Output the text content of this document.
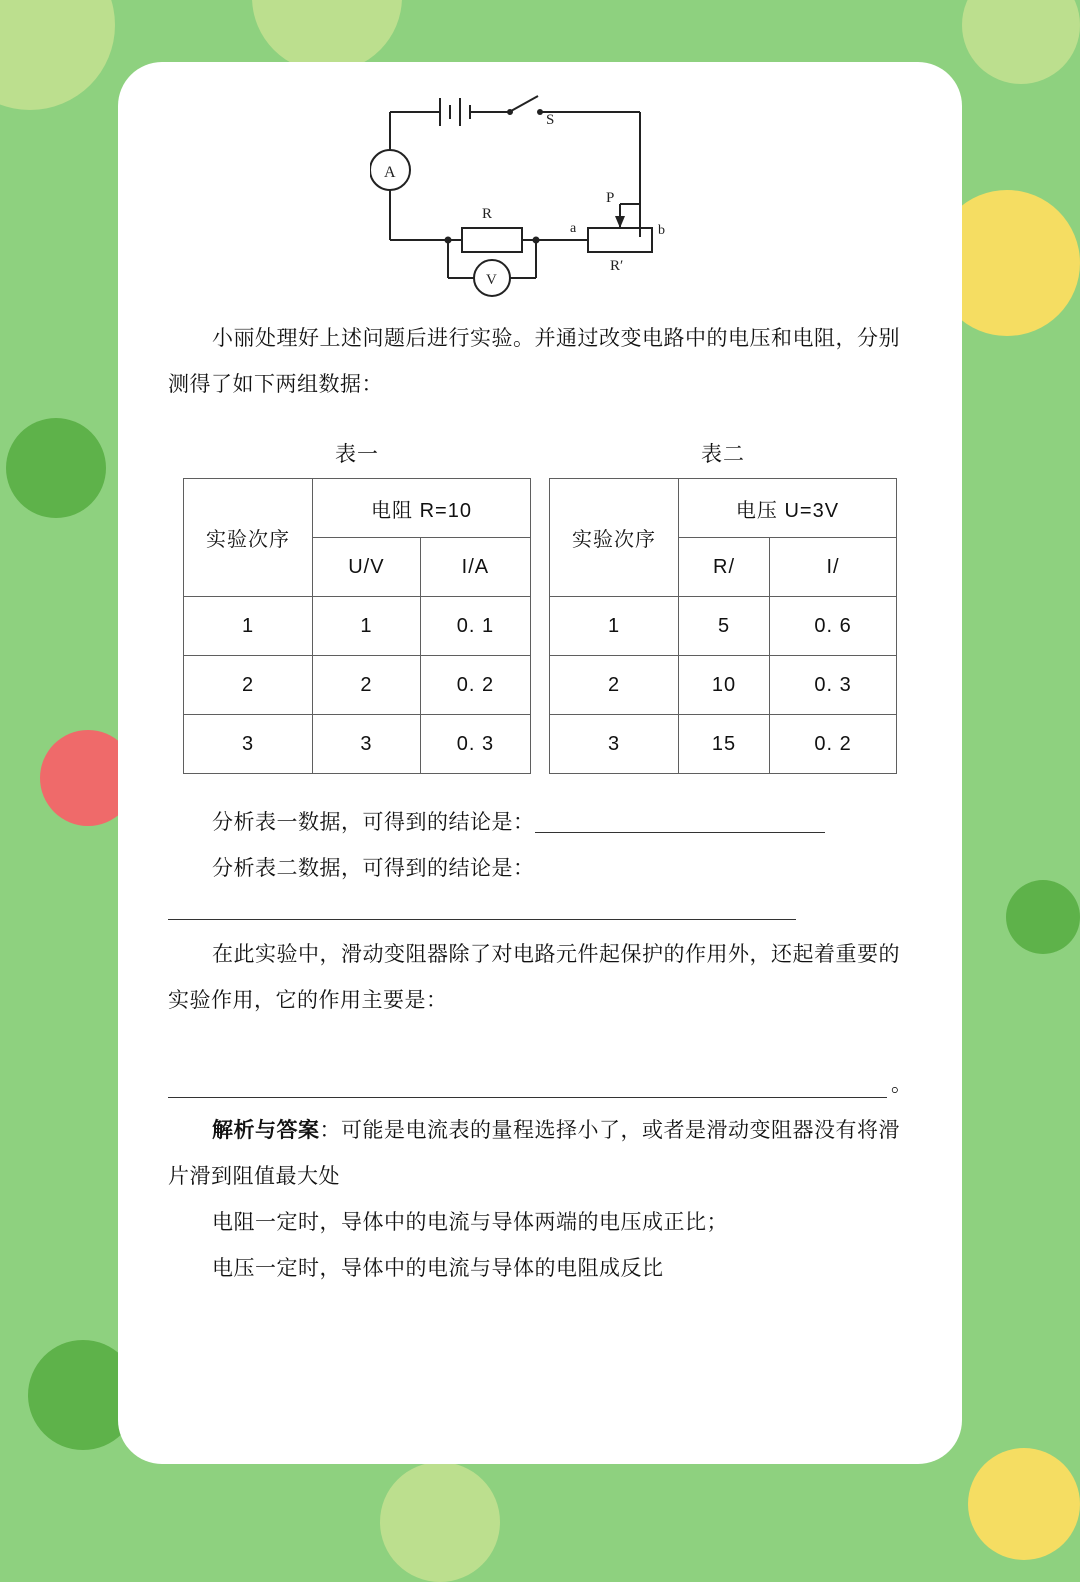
S
A
R
a
R′
b
P
V

小丽处理好上述问题后进行实验。并通过改变电路中的电压和电阻，分别

测得了如下两组数据：

表一
实验次序	电阻 R=10	
	U/V	I/A
1	1	0. 1
2	2	0. 2
3	3	0. 3
表二
实验次序	电压 U=3V	
	R/	I/
1	5	0. 6
2	10	0. 3
3	15	0. 2

分析表一数据，可得到的结论是：

分析表二数据，可得到的结论是：

在此实验中，滑动变阻器除了对电路元件起保护的作用外，还起着重要的

实验作用，它的作用主要是：

。

解析与答案：可能是电流表的量程选择小了，或者是滑动变阻器没有将滑

片滑到阻值最大处

电阻一定时，导体中的电流与导体两端的电压成正比；

电压一定时，导体中的电流与导体的电阻成反比
